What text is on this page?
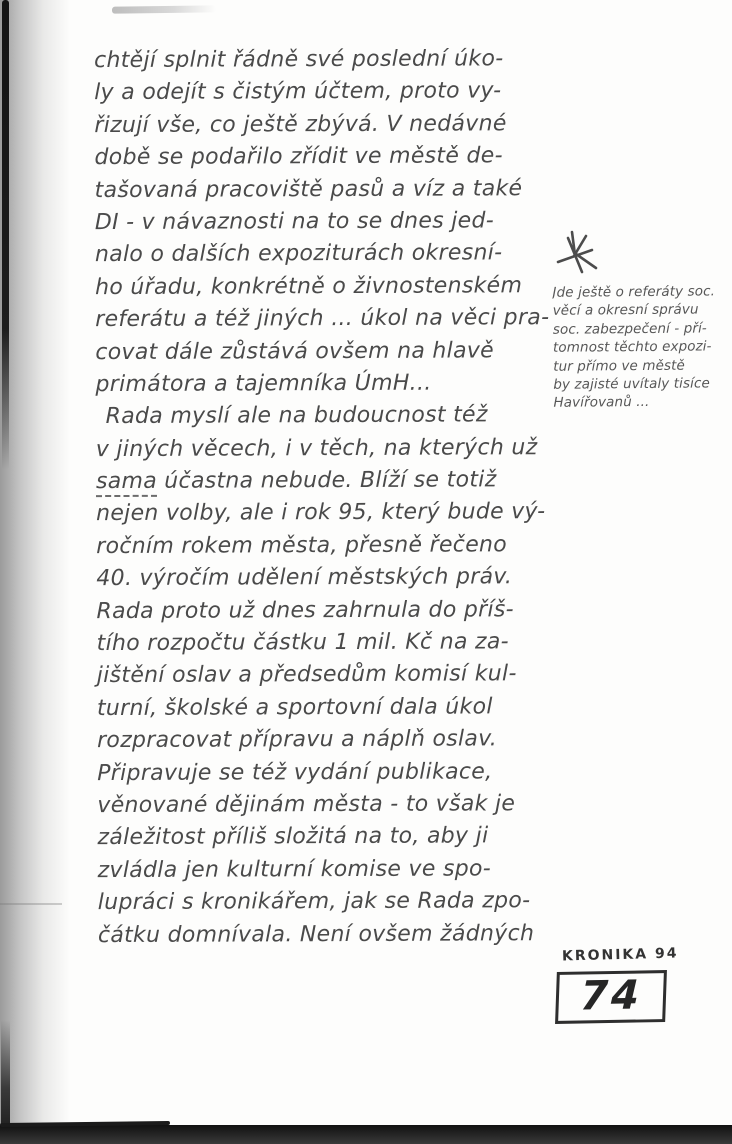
chtějí splnit řádně své poslední úko-
ly a odejít s čistým účtem, proto vy-
řizují vše, co ještě zbývá. V nedávné
době se podařilo zřídit ve městě de-
tašovaná pracoviště pasů a víz a také
DI - v návaznosti na to se dnes jed-
nalo o dalších expoziturách okresní-
ho úřadu, konkrétně o živnostenském
referátu a též jiných ... úkol na věci pra-
covat dále zůstává ovšem na hlavě
primátora a tajemníka ÚmH...
Rada myslí ale na budoucnost též
v jiných věcech, i v těch, na kterých už
sama účastna nebude. Blíží se totiž
nejen volby, ale i rok 95, který bude vý-
ročním rokem města, přesně řečeno
40. výročím udělení městských práv.
Rada proto už dnes zahrnula do příš-
tího rozpočtu částku 1 mil. Kč na za-
jištění oslav a předsedům komisí kul-
turní, školské a sportovní dala úkol
rozpracovat přípravu a náplň oslav.
Připravuje se též vydání publikace,
věnované dějinám města - to však je
záležitost příliš složitá na to, aby ji
zvládla jen kulturní komise ve spo-
lupráci s kronikářem, jak se Rada zpo-
čátku domnívala. Není ovšem žádných
Jde ještě o referáty soc.
věcí a okresní správu
soc. zabezpečení - pří-
tomnost těchto expozi-
tur přímo ve městě
by zajisté uvítaly tisíce
Havířovanů ...
KRONIKA 94
74
